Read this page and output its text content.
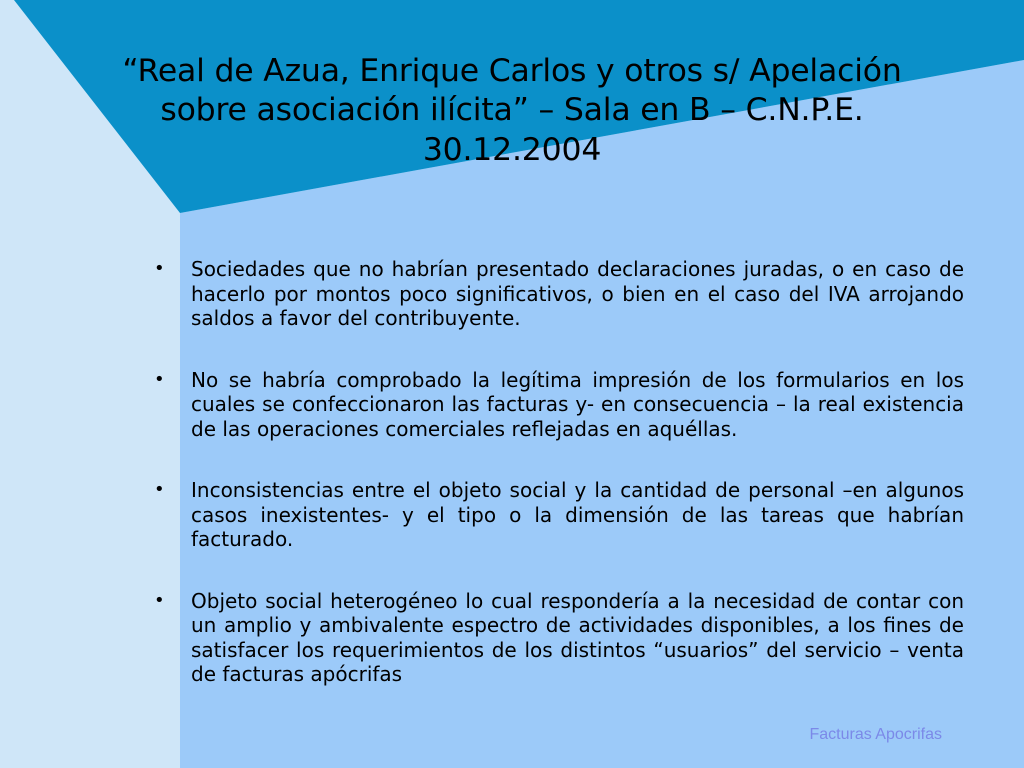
“Real de Azua, Enrique Carlos y otros s/ Apelación
sobre asociación ilícita” – Sala en B – C.N.P.E.
30.12.2004
• Sociedades que no habrían presentado declaraciones juradas, o en caso de hacerlo por montos poco significativos, o bien en el caso del IVA arrojando saldos a favor del contribuyente.
• No se habría comprobado la legítima impresión de los formularios en los cuales se confeccionaron las facturas y- en consecuencia – la real existencia de las operaciones comerciales reflejadas en aquéllas.
• Inconsistencias entre el objeto social y la cantidad de personal –en algunos casos inexistentes- y el tipo o la dimensión de las tareas que habrían facturado.
• Objeto social heterogéneo lo cual respondería a la necesidad de contar con un amplio y ambivalente espectro de actividades disponibles, a los fines de satisfacer los requerimientos de los distintos “usuarios” del servicio – venta de facturas apócrifas
Facturas Apocrifas
